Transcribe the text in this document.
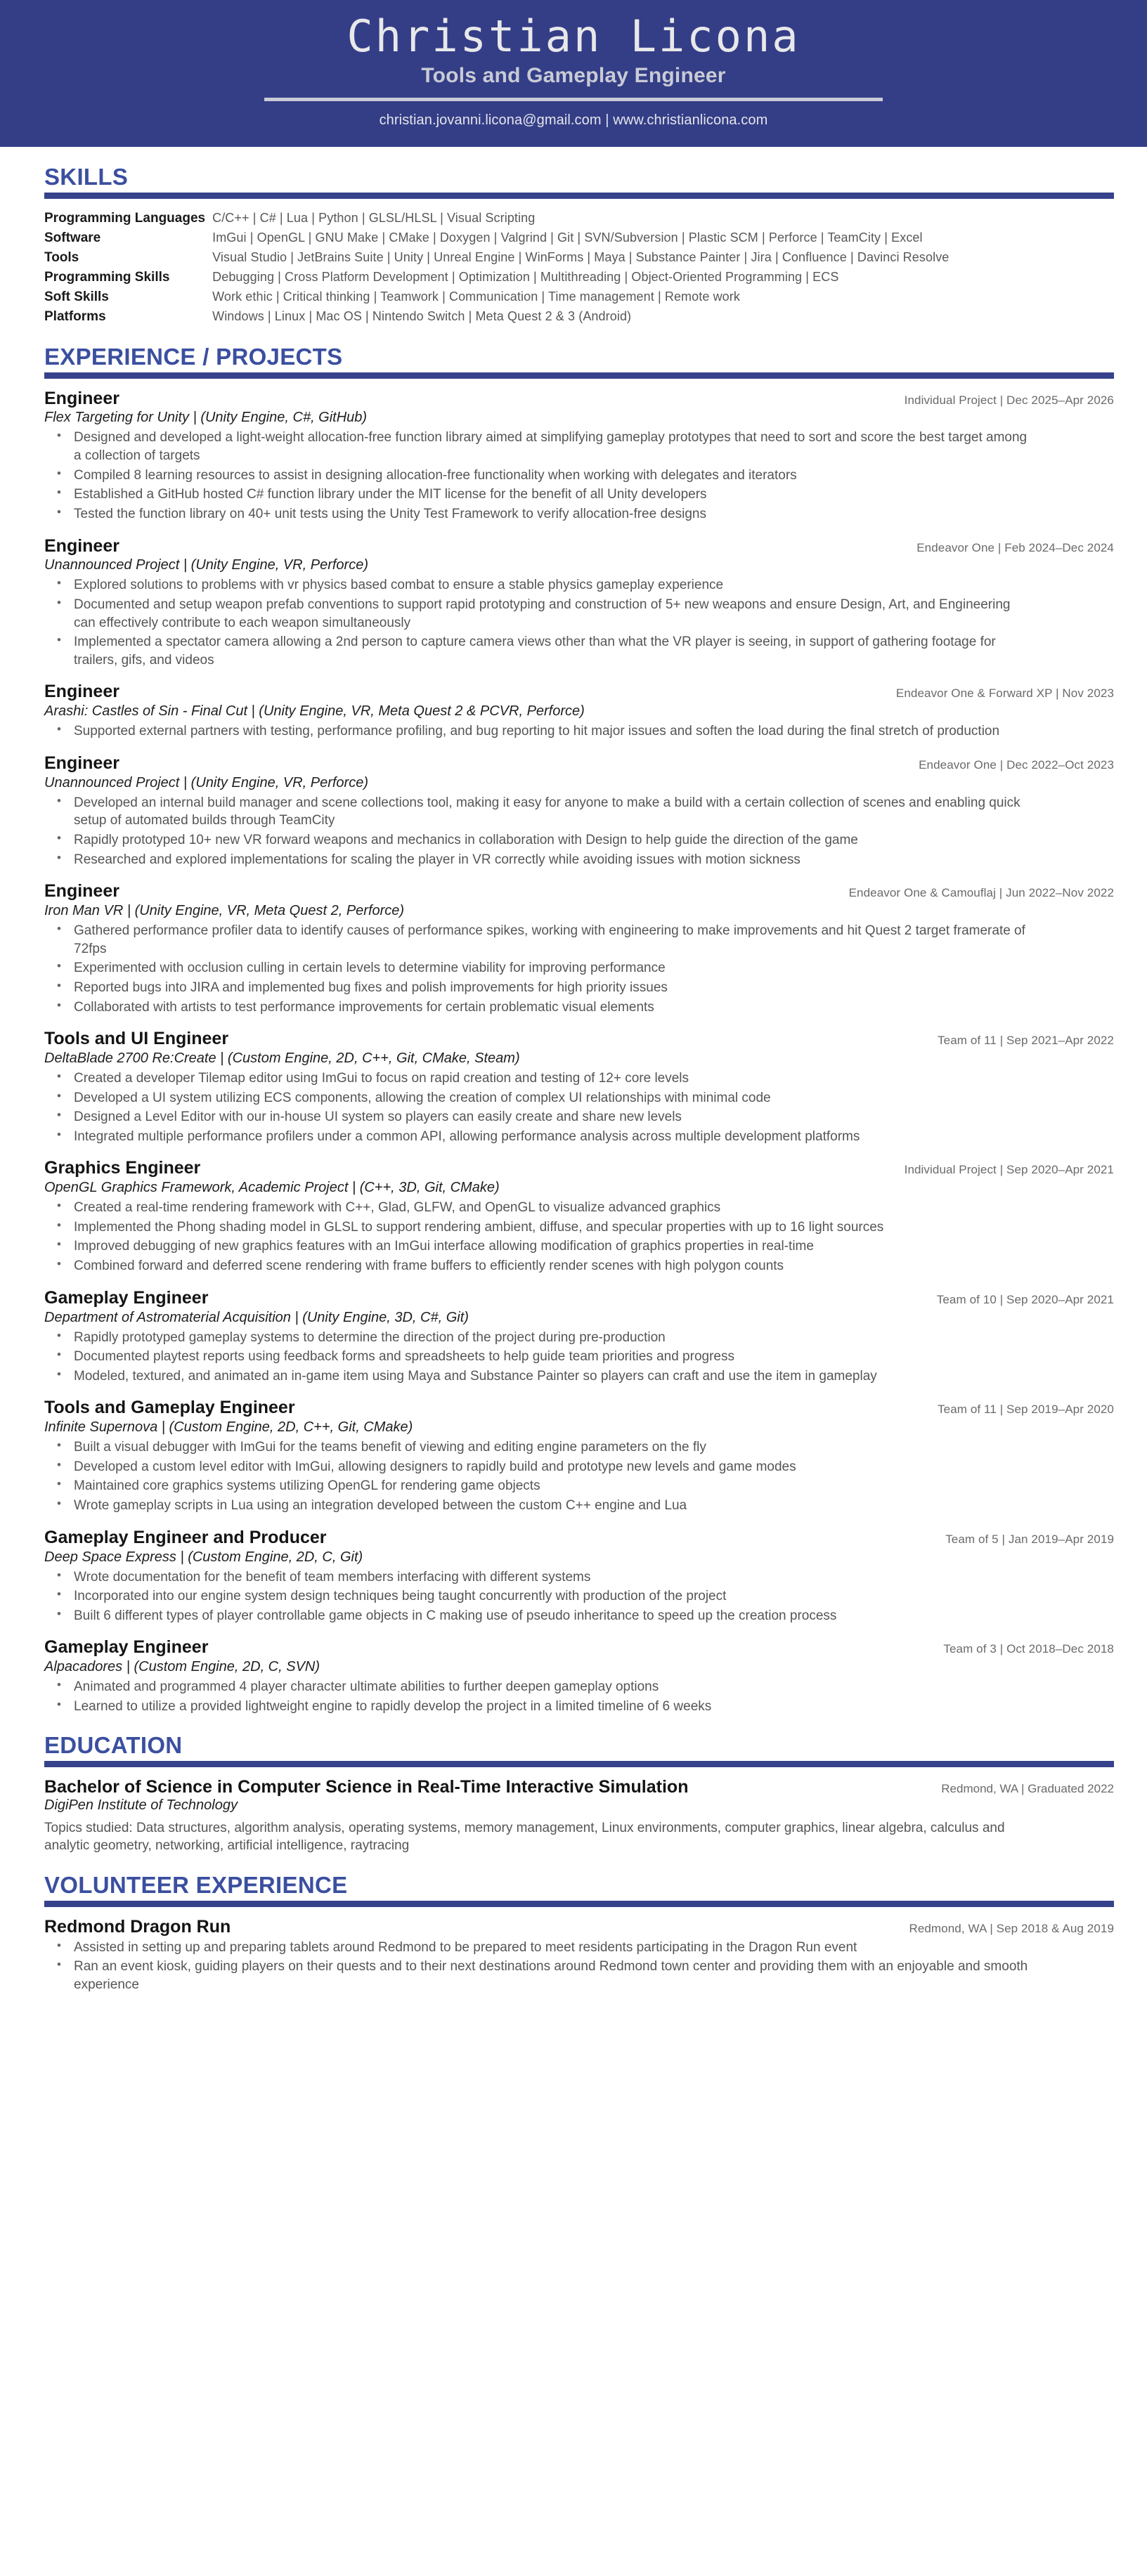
Christian Licona
Tools and Gameplay Engineer
christian.jovanni.licona@gmail.com | www.christianlicona.com
SKILLS
Programming Languages	C/C++ | C# | Lua | Python | GLSL/HLSL | Visual Scripting
Software	ImGui | OpenGL | GNU Make | CMake | Doxygen | Valgrind | Git | SVN/Subversion | Plastic SCM | Perforce | TeamCity | Excel
Tools	Visual Studio | JetBrains Suite | Unity | Unreal Engine | WinForms | Maya | Substance Painter | Jira | Confluence | Davinci Resolve
Programming Skills	Debugging | Cross Platform Development | Optimization | Multithreading | Object-Oriented Programming | ECS
Soft Skills	Work ethic | Critical thinking | Teamwork | Communication | Time management | Remote work
Platforms	Windows | Linux | Mac OS | Nintendo Switch | Meta Quest 2 & 3 (Android)
EXPERIENCE / PROJECTS
Engineer	Individual Project | Dec 2025–Apr 2026
Flex Targeting for Unity | (Unity Engine, C#, GitHub)
• Designed and developed a light-weight allocation-free function library aimed at simplifying gameplay prototypes that need to sort and score the best target among a collection of targets
• Compiled 8 learning resources to assist in designing allocation-free functionality when working with delegates and iterators
• Established a GitHub hosted C# function library under the MIT license for the benefit of all Unity developers
• Tested the function library on 40+ unit tests using the Unity Test Framework to verify allocation-free designs
Engineer	Endeavor One | Feb 2024–Dec 2024
Unannounced Project | (Unity Engine, VR, Perforce)
• Explored solutions to problems with vr physics based combat to ensure a stable physics gameplay experience
• Documented and setup weapon prefab conventions to support rapid prototyping and construction of 5+ new weapons and ensure Design, Art, and Engineering can effectively contribute to each weapon simultaneously
• Implemented a spectator camera allowing a 2nd person to capture camera views other than what the VR player is seeing, in support of gathering footage for trailers, gifs, and videos
Engineer	Endeavor One & Forward XP | Nov 2023
Arashi: Castles of Sin - Final Cut | (Unity Engine, VR, Meta Quest 2 & PCVR, Perforce)
• Supported external partners with testing, performance profiling, and bug reporting to hit major issues and soften the load during the final stretch of production
Engineer	Endeavor One | Dec 2022–Oct 2023
Unannounced Project | (Unity Engine, VR, Perforce)
• Developed an internal build manager and scene collections tool, making it easy for anyone to make a build with a certain collection of scenes and enabling quick setup of automated builds through TeamCity
• Rapidly prototyped 10+ new VR forward weapons and mechanics in collaboration with Design to help guide the direction of the game
• Researched and explored implementations for scaling the player in VR correctly while avoiding issues with motion sickness
Engineer	Endeavor One & Camouflaj | Jun 2022–Nov 2022
Iron Man VR | (Unity Engine, VR, Meta Quest 2, Perforce)
• Gathered performance profiler data to identify causes of performance spikes, working with engineering to make improvements and hit Quest 2 target framerate of 72fps
• Experimented with occlusion culling in certain levels to determine viability for improving performance
• Reported bugs into JIRA and implemented bug fixes and polish improvements for high priority issues
• Collaborated with artists to test performance improvements for certain problematic visual elements
Tools and UI Engineer	Team of 11 | Sep 2021–Apr 2022
DeltaBlade 2700 Re:Create | (Custom Engine, 2D, C++, Git, CMake, Steam)
• Created a developer Tilemap editor using ImGui to focus on rapid creation and testing of 12+ core levels
• Developed a UI system utilizing ECS components, allowing the creation of complex UI relationships with minimal code
• Designed a Level Editor with our in-house UI system so players can easily create and share new levels
• Integrated multiple performance profilers under a common API, allowing performance analysis across multiple development platforms
Graphics Engineer	Individual Project | Sep 2020–Apr 2021
OpenGL Graphics Framework, Academic Project | (C++, 3D, Git, CMake)
• Created a real-time rendering framework with C++, Glad, GLFW, and OpenGL to visualize advanced graphics
• Implemented the Phong shading model in GLSL to support rendering ambient, diffuse, and specular properties with up to 16 light sources
• Improved debugging of new graphics features with an ImGui interface allowing modification of graphics properties in real-time
• Combined forward and deferred scene rendering with frame buffers to efficiently render scenes with high polygon counts
Gameplay Engineer	Team of 10 | Sep 2020–Apr 2021
Department of Astromaterial Acquisition | (Unity Engine, 3D, C#, Git)
• Rapidly prototyped gameplay systems to determine the direction of the project during pre-production
• Documented playtest reports using feedback forms and spreadsheets to help guide team priorities and progress
• Modeled, textured, and animated an in-game item using Maya and Substance Painter so players can craft and use the item in gameplay
Tools and Gameplay Engineer	Team of 11 | Sep 2019–Apr 2020
Infinite Supernova | (Custom Engine, 2D, C++, Git, CMake)
• Built a visual debugger with ImGui for the teams benefit of viewing and editing engine parameters on the fly
• Developed a custom level editor with ImGui, allowing designers to rapidly build and prototype new levels and game modes
• Maintained core graphics systems utilizing OpenGL for rendering game objects
• Wrote gameplay scripts in Lua using an integration developed between the custom C++ engine and Lua
Gameplay Engineer and Producer	Team of 5 | Jan 2019–Apr 2019
Deep Space Express | (Custom Engine, 2D, C, Git)
• Wrote documentation for the benefit of team members interfacing with different systems
• Incorporated into our engine system design techniques being taught concurrently with production of the project
• Built 6 different types of player controllable game objects in C making use of pseudo inheritance to speed up the creation process
Gameplay Engineer	Team of 3 | Oct 2018–Dec 2018
Alpacadores | (Custom Engine, 2D, C, SVN)
• Animated and programmed 4 player character ultimate abilities to further deepen gameplay options
• Learned to utilize a provided lightweight engine to rapidly develop the project in a limited timeline of 6 weeks
EDUCATION
Bachelor of Science in Computer Science in Real-Time Interactive Simulation	Redmond, WA | Graduated 2022
DigiPen Institute of Technology
Topics studied: Data structures, algorithm analysis, operating systems, memory management, Linux environments, computer graphics, linear algebra, calculus and analytic geometry, networking, artificial intelligence, raytracing
VOLUNTEER EXPERIENCE
Redmond Dragon Run	Redmond, WA | Sep 2018 & Aug 2019
• Assisted in setting up and preparing tablets around Redmond to be prepared to meet residents participating in the Dragon Run event
• Ran an event kiosk, guiding players on their quests and to their next destinations around Redmond town center and providing them with an enjoyable and smooth experience
